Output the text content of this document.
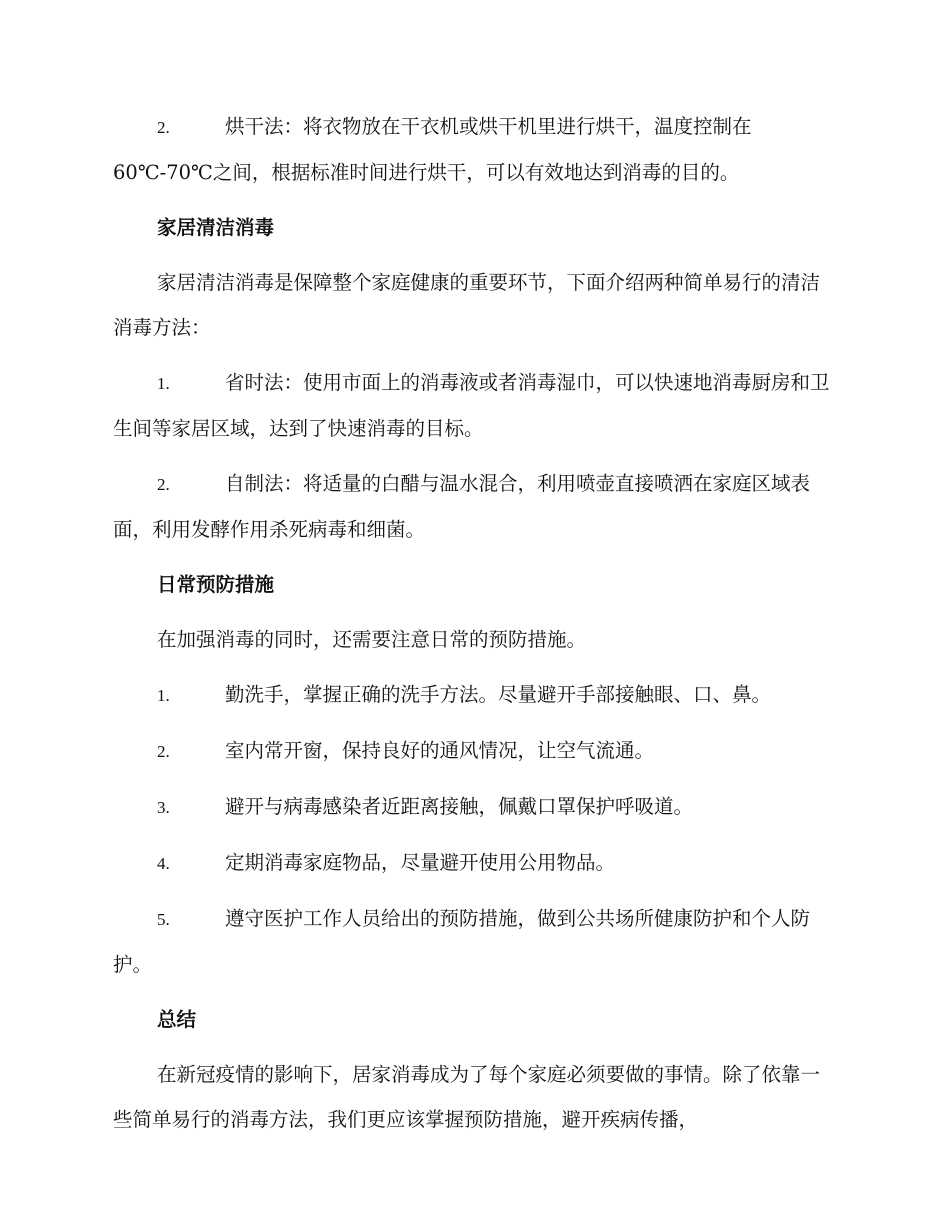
2.	烘干法：将衣物放在干衣机或烘干机里进行烘干，温度控制在60℃-70℃之间，根据标准时间进行烘干，可以有效地达到消毒的目的。
家居清洁消毒
家居清洁消毒是保障整个家庭健康的重要环节，下面介绍两种简单易行的清洁消毒方法：
1.	省时法：使用市面上的消毒液或者消毒湿巾，可以快速地消毒厨房和卫生间等家居区域，达到了快速消毒的目标。
2.	自制法：将适量的白醋与温水混合，利用喷壶直接喷洒在家庭区域表面，利用发酵作用杀死病毒和细菌。
日常预防措施
在加强消毒的同时，还需要注意日常的预防措施。
1.	勤洗手，掌握正确的洗手方法。尽量避开手部接触眼、口、鼻。
2.	室内常开窗，保持良好的通风情况，让空气流通。
3.	避开与病毒感染者近距离接触，佩戴口罩保护呼吸道。
4.	定期消毒家庭物品，尽量避开使用公用物品。
5.	遵守医护工作人员给出的预防措施，做到公共场所健康防护和个人防护。
总结
在新冠疫情的影响下，居家消毒成为了每个家庭必须要做的事情。除了依靠一些简单易行的消毒方法，我们更应该掌握预防措施，避开疾病传播，
